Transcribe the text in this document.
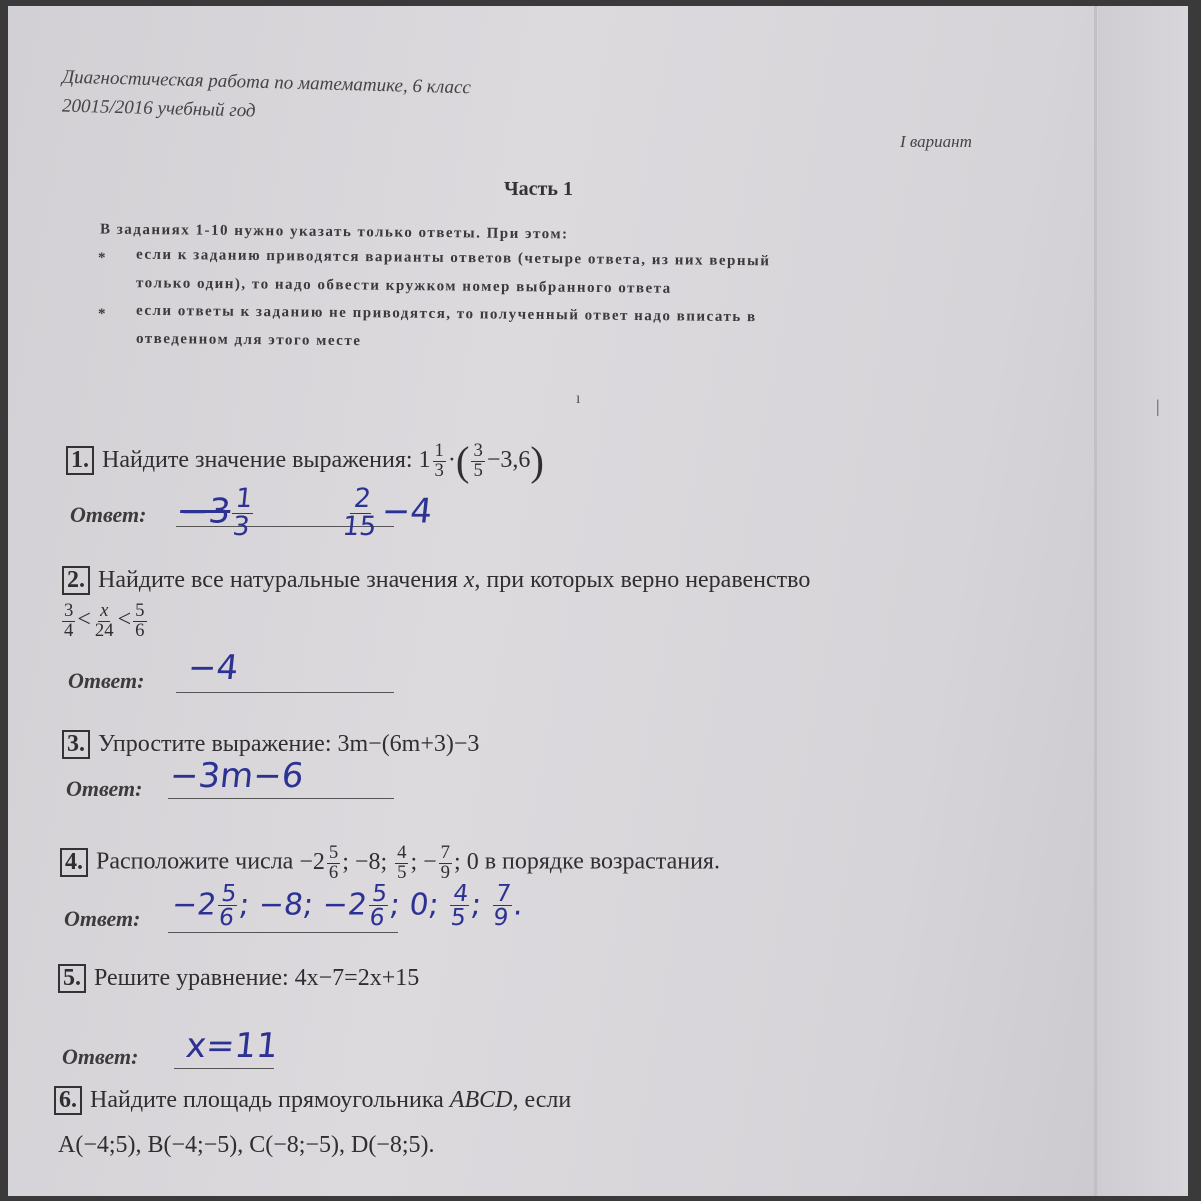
Диагностическая работа по математике, 6 класс
20015/2016 учебный год
I вариант
Часть 1
В заданиях 1-10 нужно указать только ответы. При этом:
* если к заданию приводятся варианты ответов (четыре ответа, из них верный
только один), то надо обвести кружком номер выбранного ответа
* если ответы к заданию не приводятся, то полученный ответ надо вписать в
отведенном для этого месте
ı	|
1. Найдите значение выражения: $1 \frac{1}{3}$ ·( $\frac{3}{5} -3,6$)
Ответ: −3
$\frac{1}{3}$	$\frac{2}{15}$
−4
2. Найдите все натуральные значения x, при которых верно неравенство
$\frac{3}{4} < \frac{x}{24} < \frac{5}{6}$
Ответ: −4
3. Упростите выражение: 3m−(6m+3)−3
Ответ: −3m−6
4. Расположите числа $-2 \frac{5}{6}$ ; −8; $\frac{4}{5}$ ; − $\frac{7}{9}$ ; 0 в порядке возрастания.
Ответ: −2
$\frac{5}{6}$
; −8; −2
$\frac{5}{6}$
; 0;
$\frac{4}{5}$
;
$\frac{7}{9}$
.
5. Решите уравнение: 4x−7=2x+15
Ответ: x=11
6. Найдите площадь прямоугольника ABCD, если
A(−4;5), B(−4;−5), C(−8;−5), D(−8;5).
